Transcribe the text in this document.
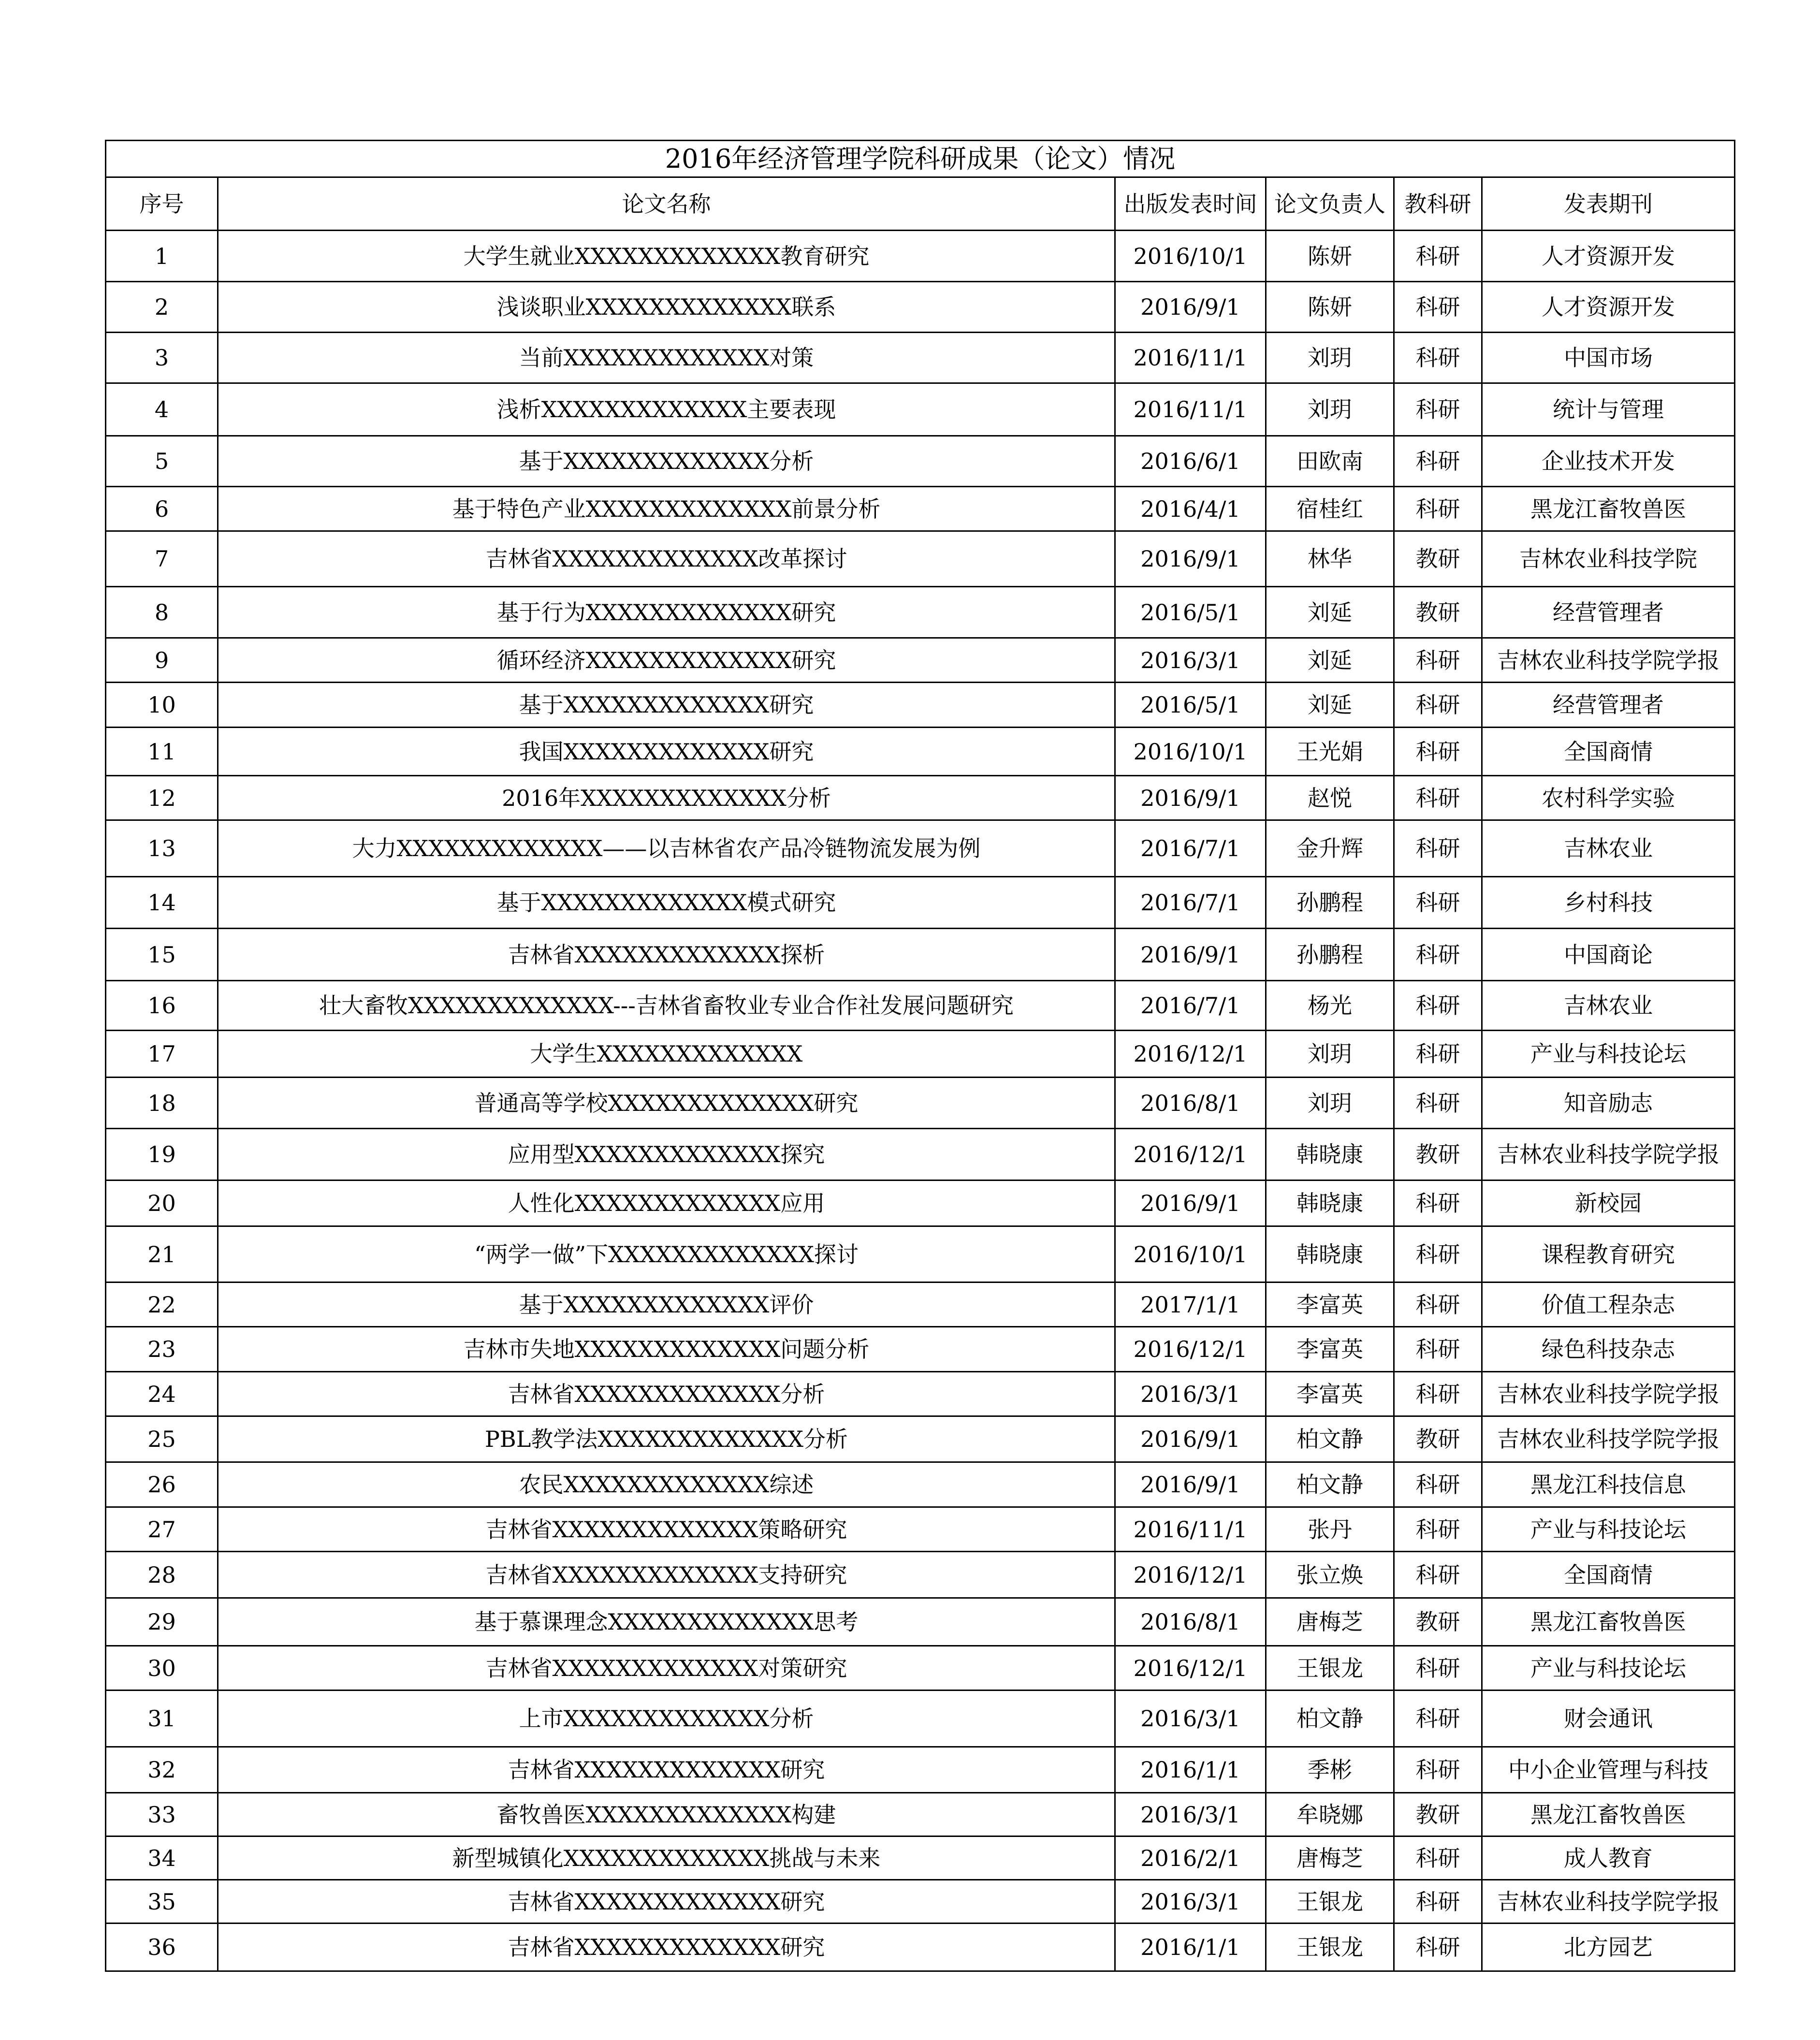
2016年经济管理学院科研成果（论文）情况					
序号	论文名称	出版发表时间	论文负责人	教科研	发表期刊
1	大学生就业XXXXXXXXXXXXX教育研究	2016/10/1	陈妍	科研	人才资源开发
2	浅谈职业XXXXXXXXXXXXX联系	2016/9/1	陈妍	科研	人才资源开发
3	当前XXXXXXXXXXXXX对策	2016/11/1	刘玥	科研	中国市场
4	浅析XXXXXXXXXXXXX主要表现	2016/11/1	刘玥	科研	统计与管理
5	基于XXXXXXXXXXXXX分析	2016/6/1	田欧南	科研	企业技术开发
6	基于特色产业XXXXXXXXXXXXX前景分析	2016/4/1	宿桂红	科研	黑龙江畜牧兽医
7	吉林省XXXXXXXXXXXXX改革探讨	2016/9/1	林华	教研	吉林农业科技学院
8	基于行为XXXXXXXXXXXXX研究	2016/5/1	刘延	教研	经营管理者
9	循环经济XXXXXXXXXXXXX研究	2016/3/1	刘延	科研	吉林农业科技学院学报
10	基于XXXXXXXXXXXXX研究	2016/5/1	刘延	科研	经营管理者
11	我国XXXXXXXXXXXXX研究	2016/10/1	王光娟	科研	全国商情
12	2016年XXXXXXXXXXXXX分析	2016/9/1	赵悦	科研	农村科学实验
13	大力XXXXXXXXXXXXX——以吉林省农产品冷链物流发展为例	2016/7/1	金升辉	科研	吉林农业
14	基于XXXXXXXXXXXXX模式研究	2016/7/1	孙鹏程	科研	乡村科技
15	吉林省XXXXXXXXXXXXX探析	2016/9/1	孙鹏程	科研	中国商论
16	壮大畜牧XXXXXXXXXXXXX---吉林省畜牧业专业合作社发展问题研究	2016/7/1	杨光	科研	吉林农业
17	大学生XXXXXXXXXXXXX	2016/12/1	刘玥	科研	产业与科技论坛
18	普通高等学校XXXXXXXXXXXXX研究	2016/8/1	刘玥	科研	知音励志
19	应用型XXXXXXXXXXXXX探究	2016/12/1	韩晓康	教研	吉林农业科技学院学报
20	人性化XXXXXXXXXXXXX应用	2016/9/1	韩晓康	科研	新校园
21	“两学一做”下XXXXXXXXXXXXX探讨	2016/10/1	韩晓康	科研	课程教育研究
22	基于XXXXXXXXXXXXX评价	2017/1/1	李富英	科研	价值工程杂志
23	吉林市失地XXXXXXXXXXXXX问题分析	2016/12/1	李富英	科研	绿色科技杂志
24	吉林省XXXXXXXXXXXXX分析	2016/3/1	李富英	科研	吉林农业科技学院学报
25	PBL教学法XXXXXXXXXXXXX分析	2016/9/1	柏文静	教研	吉林农业科技学院学报
26	农民XXXXXXXXXXXXX综述	2016/9/1	柏文静	科研	黑龙江科技信息
27	吉林省XXXXXXXXXXXXX策略研究	2016/11/1	张丹	科研	产业与科技论坛
28	吉林省XXXXXXXXXXXXX支持研究	2016/12/1	张立焕	科研	全国商情
29	基于慕课理念XXXXXXXXXXXXX思考	2016/8/1	唐梅芝	教研	黑龙江畜牧兽医
30	吉林省XXXXXXXXXXXXX对策研究	2016/12/1	王银龙	科研	产业与科技论坛
31	上市XXXXXXXXXXXXX分析	2016/3/1	柏文静	科研	财会通讯
32	吉林省XXXXXXXXXXXXX研究	2016/1/1	季彬	科研	中小企业管理与科技
33	畜牧兽医XXXXXXXXXXXXX构建	2016/3/1	牟晓娜	教研	黑龙江畜牧兽医
34	新型城镇化XXXXXXXXXXXXX挑战与未来	2016/2/1	唐梅芝	科研	成人教育
35	吉林省XXXXXXXXXXXXX研究	2016/3/1	王银龙	科研	吉林农业科技学院学报
36	吉林省XXXXXXXXXXXXX研究	2016/1/1	王银龙	科研	北方园艺
